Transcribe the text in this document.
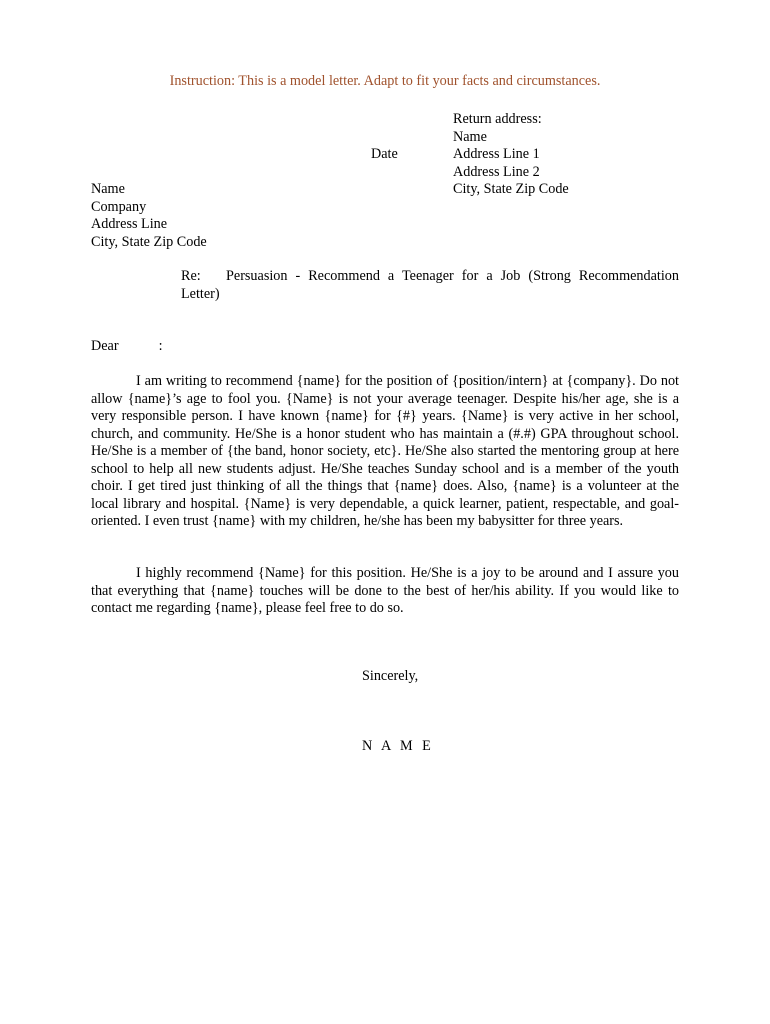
Instruction: This is a model letter. Adapt to fit your facts and circumstances.
Return address:
Name
Address Line 1
Address Line 2
City, State Zip Code
Date
Name
Company
Address Line
City, State Zip Code
Re: Persuasion - Recommend a Teenager for a Job (Strong Recommendation Letter)
Dear	:

I am writing to recommend {name} for the position of {position/intern} at {company}. Do not allow {name}’s age to fool you. {Name} is not your average teenager. Despite his/her age, she is a very responsible person. I have known {name} for {#} years. {Name} is very active in her school, church, and community. He/She is a honor student who has maintain a (#.#) GPA throughout school. He/She is a member of {the band, honor society, etc}. He/She also started the mentoring group at here school to help all new students adjust. He/She teaches Sunday school and is a member of the youth choir. I get tired just thinking of all the things that {name} does. Also, {name} is a volunteer at the local library and hospital. {Name} is very dependable, a quick learner, patient, respectable, and goal-oriented. I even trust {name} with my children, he/she has been my babysitter for three years.

I highly recommend {Name} for this position. He/She is a joy to be around and I assure you that everything that {name} touches will be done to the best of her/his ability. If you would like to contact me regarding {name}, please feel free to do so.

Sincerely,
N A M E
